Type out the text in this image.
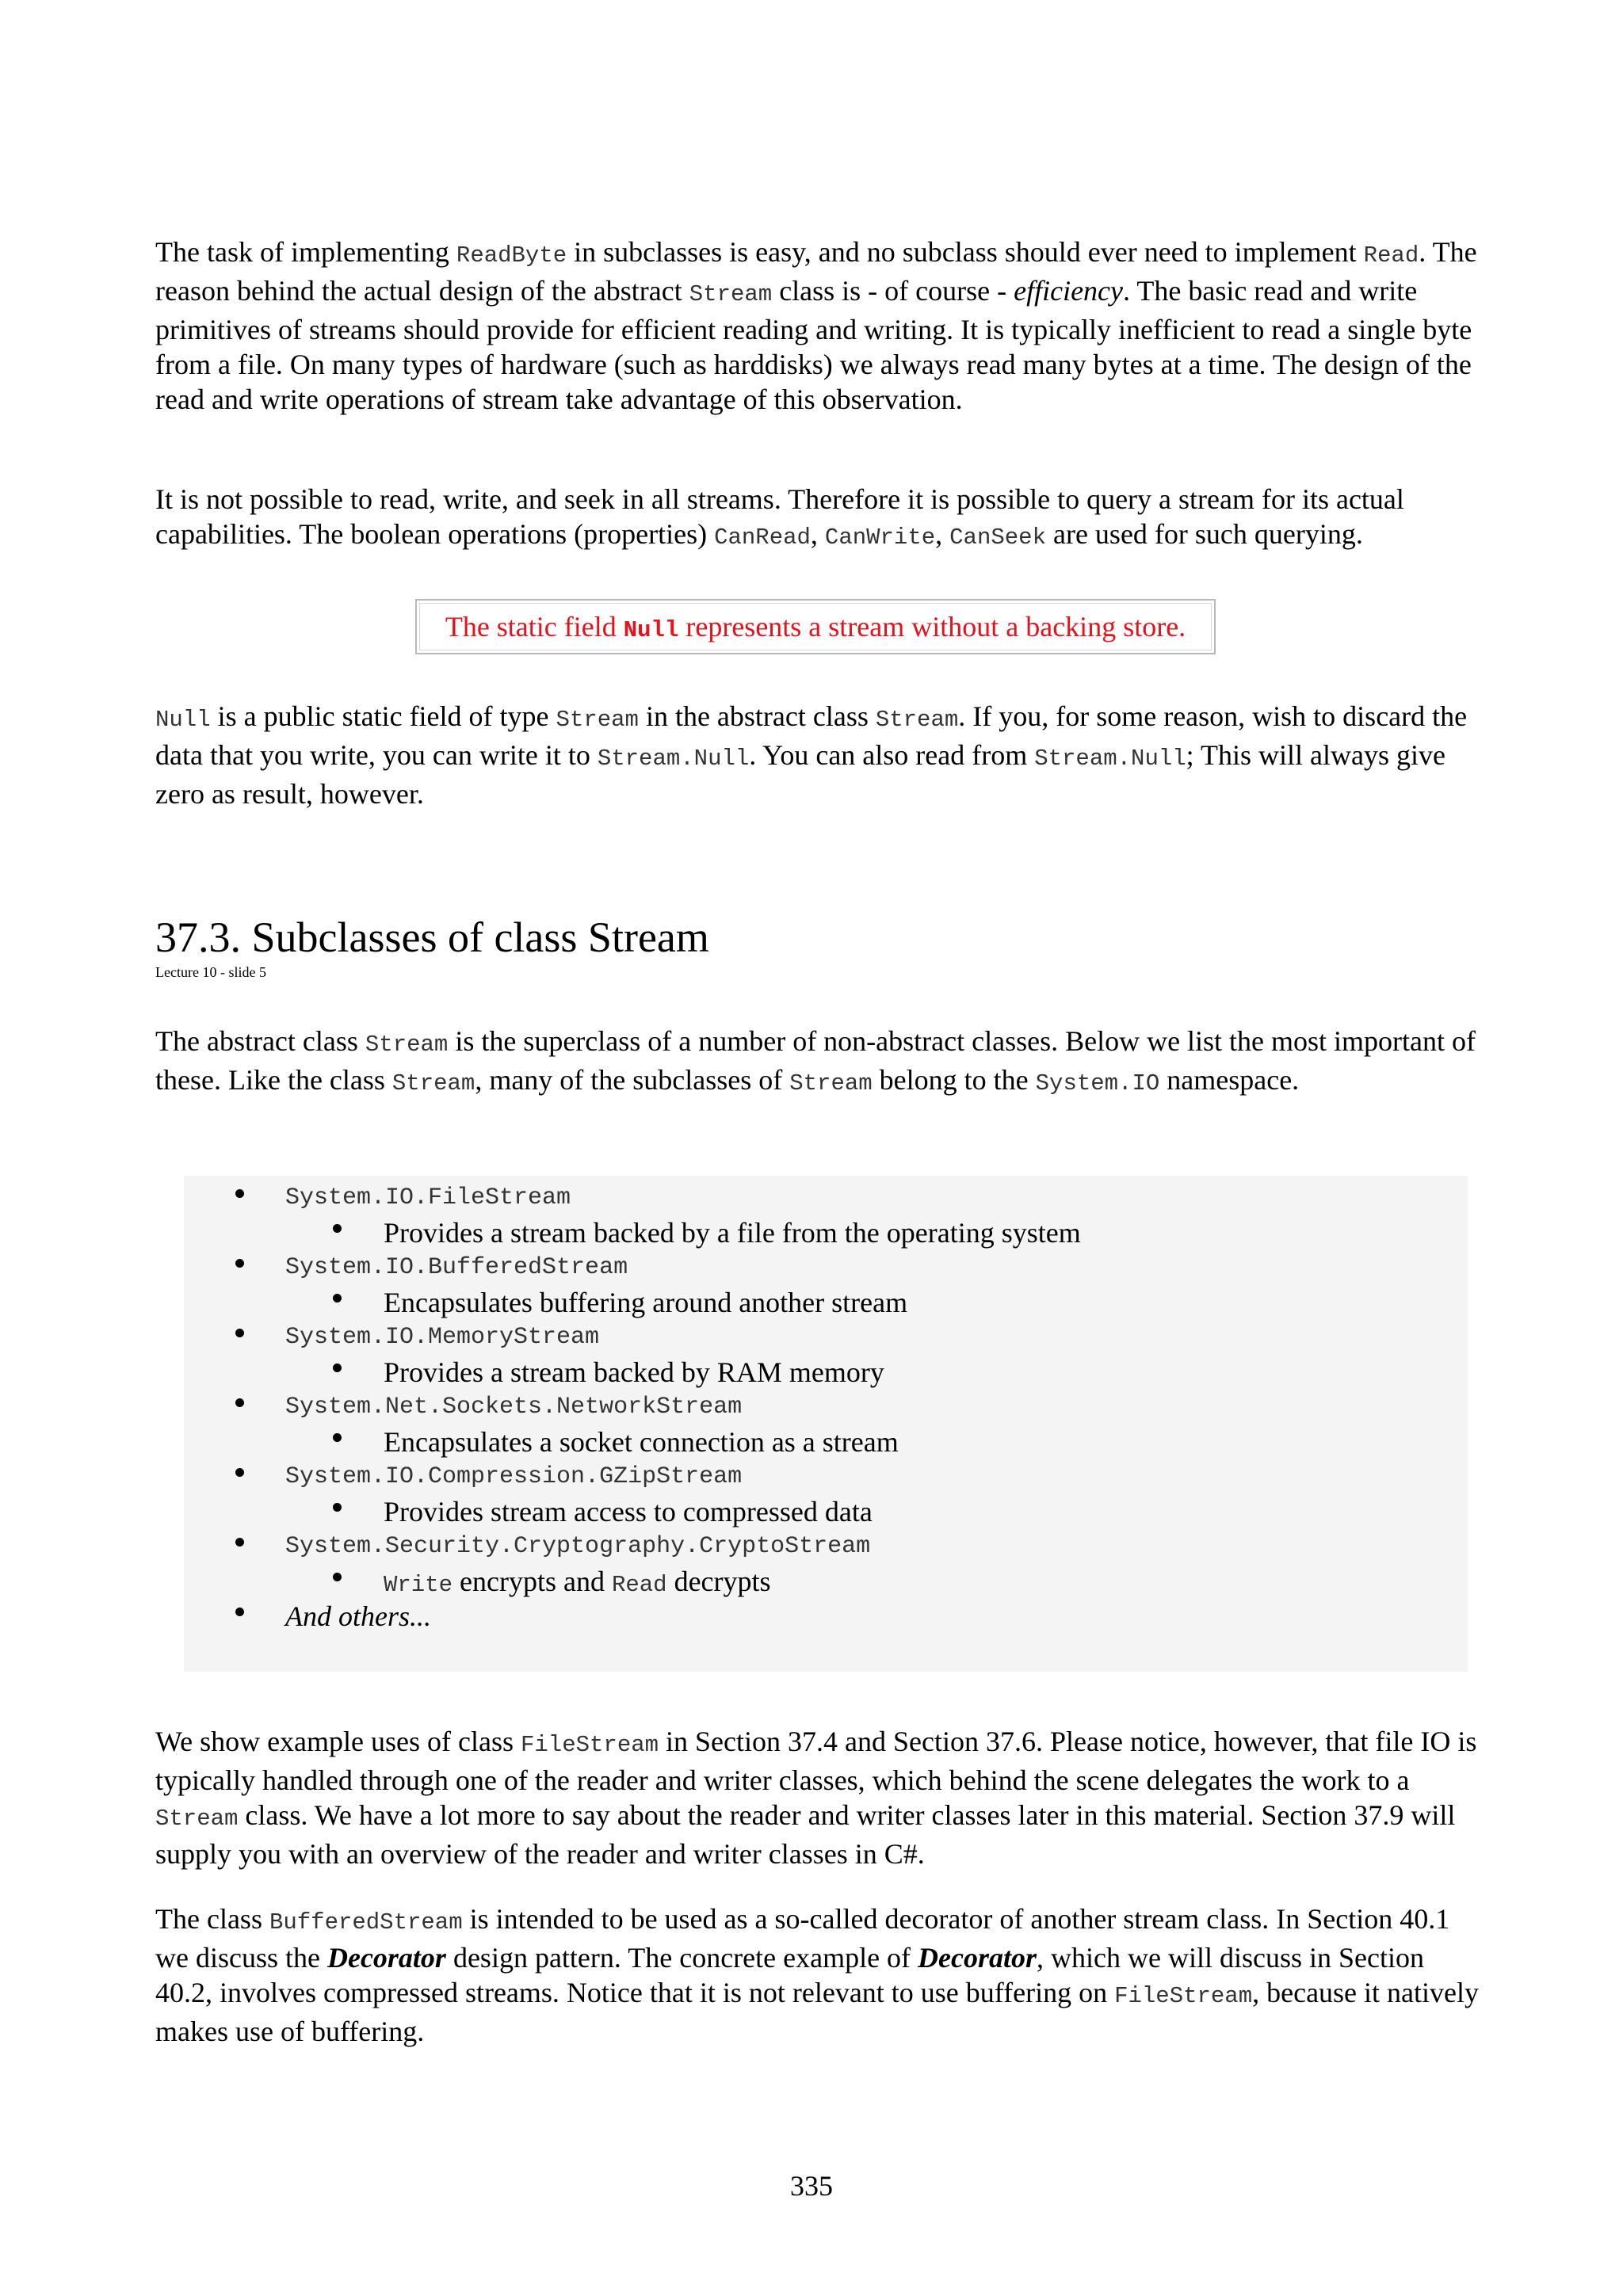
The task of implementing ReadByte in subclasses is easy, and no subclass should ever need to implement Read. The reason behind the actual design of the abstract Stream class is - of course - efficiency. The basic read and write primitives of streams should provide for efficient reading and writing. It is typically inefficient to read a single byte from a file. On many types of hardware (such as harddisks) we always read many bytes at a time. The design of the read and write operations of stream take advantage of this observation.

It is not possible to read, write, and seek in all streams. Therefore it is possible to query a stream for its actual capabilities. The boolean operations (properties) CanRead, CanWrite, CanSeek are used for such querying.

The static field Null represents a stream without a backing store.

Null is a public static field of type Stream in the abstract class Stream. If you, for some reason, wish to discard the data that you write, you can write it to Stream.Null. You can also read from Stream.Null; This will always give zero as result, however.

37.3. Subclasses of class Stream
Lecture 10 - slide 5

The abstract class Stream is the superclass of a number of non-abstract classes. Below we list the most important of these. Like the class Stream, many of the subclasses of Stream belong to the System.IO namespace.

System.IO.FileStream
Provides a stream backed by a file from the operating system
System.IO.BufferedStream
Encapsulates buffering around another stream
System.IO.MemoryStream
Provides a stream backed by RAM memory
System.Net.Sockets.NetworkStream
Encapsulates a socket connection as a stream
System.IO.Compression.GZipStream
Provides stream access to compressed data
System.Security.Cryptography.CryptoStream
Write encrypts and Read decrypts
And others...

We show example uses of class FileStream in Section 37.4 and Section 37.6. Please notice, however, that file IO is typically handled through one of the reader and writer classes, which behind the scene delegates the work to a Stream class. We have a lot more to say about the reader and writer classes later in this material. Section 37.9 will supply you with an overview of the reader and writer classes in C#.

The class BufferedStream is intended to be used as a so-called decorator of another stream class. In Section 40.1 we discuss the Decorator design pattern. The concrete example of Decorator, which we will discuss in Section 40.2, involves compressed streams. Notice that it is not relevant to use buffering on FileStream, because it natively makes use of buffering.

335
